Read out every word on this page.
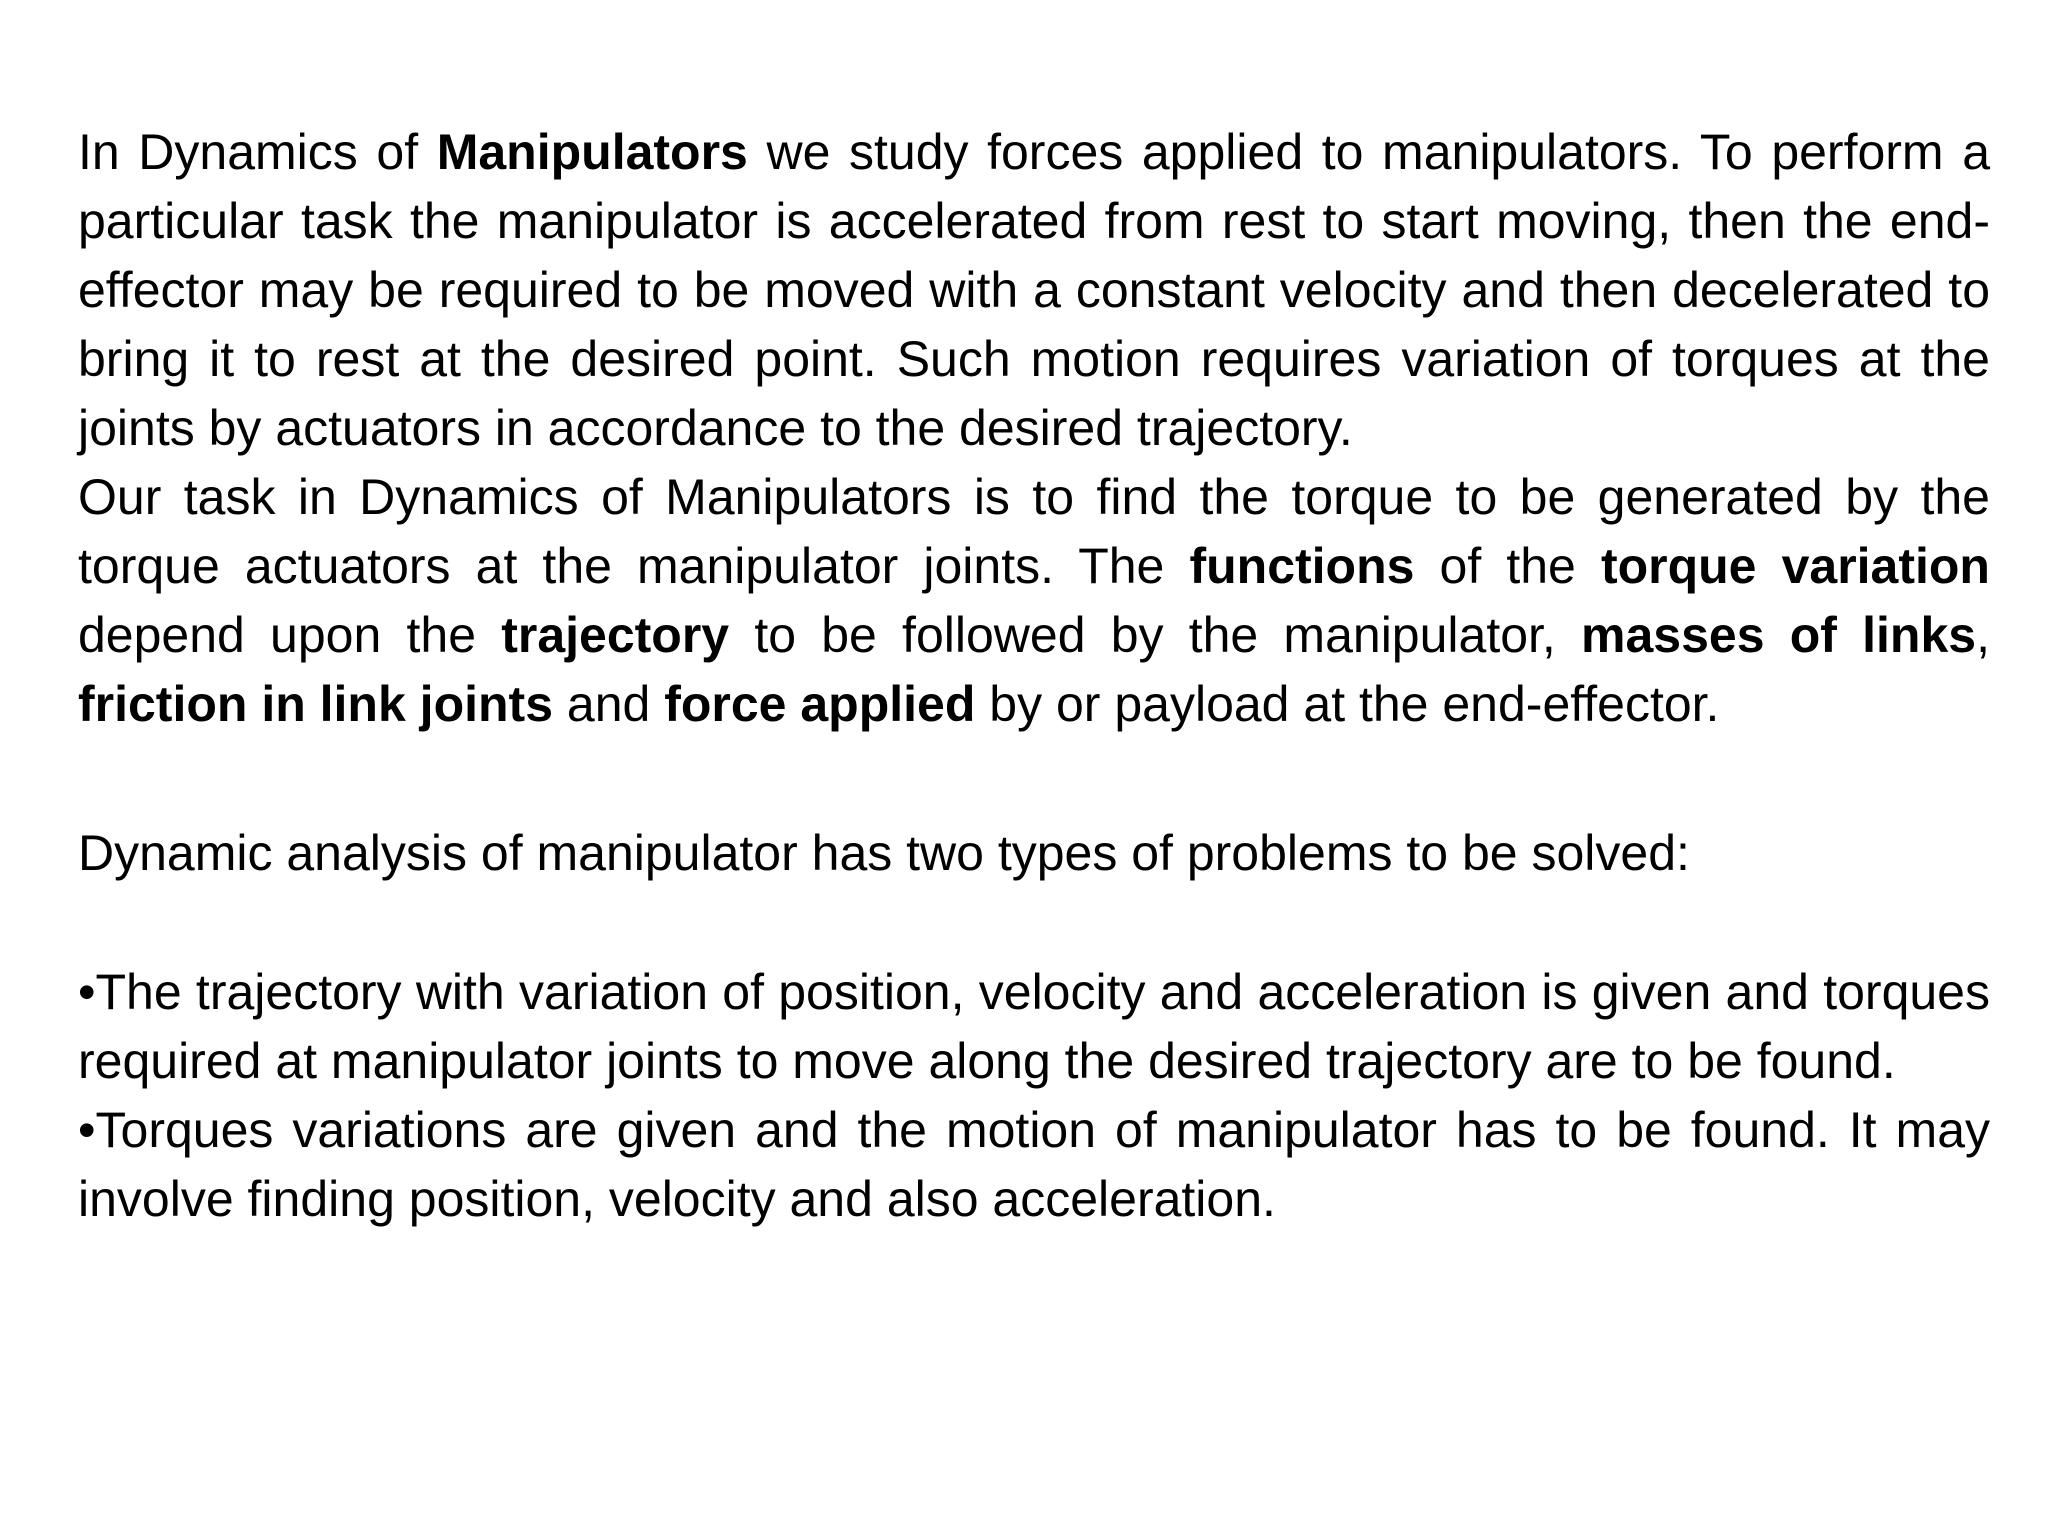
In Dynamics of Manipulators we study forces applied to manipulators. To perform a particular task the manipulator is accelerated from rest to start moving, then the end-effector may be required to be moved with a constant velocity and then decelerated to bring it to rest at the desired point. Such motion requires variation of torques at the joints by actuators in accordance to the desired trajectory.

Our task in Dynamics of Manipulators is to find the torque to be generated by the torque actuators at the manipulator joints. The functions of the torque variation depend upon the trajectory to be followed by the manipulator, masses of links, friction in link joints and force applied by or payload at the end-effector.

Dynamic analysis of manipulator has two types of problems to be solved:

•The trajectory with variation of position, velocity and acceleration is given and torques required at manipulator joints to move along the desired trajectory are to be found.

•Torques variations are given and the motion of manipulator has to be found. It may involve finding position, velocity and also acceleration.
